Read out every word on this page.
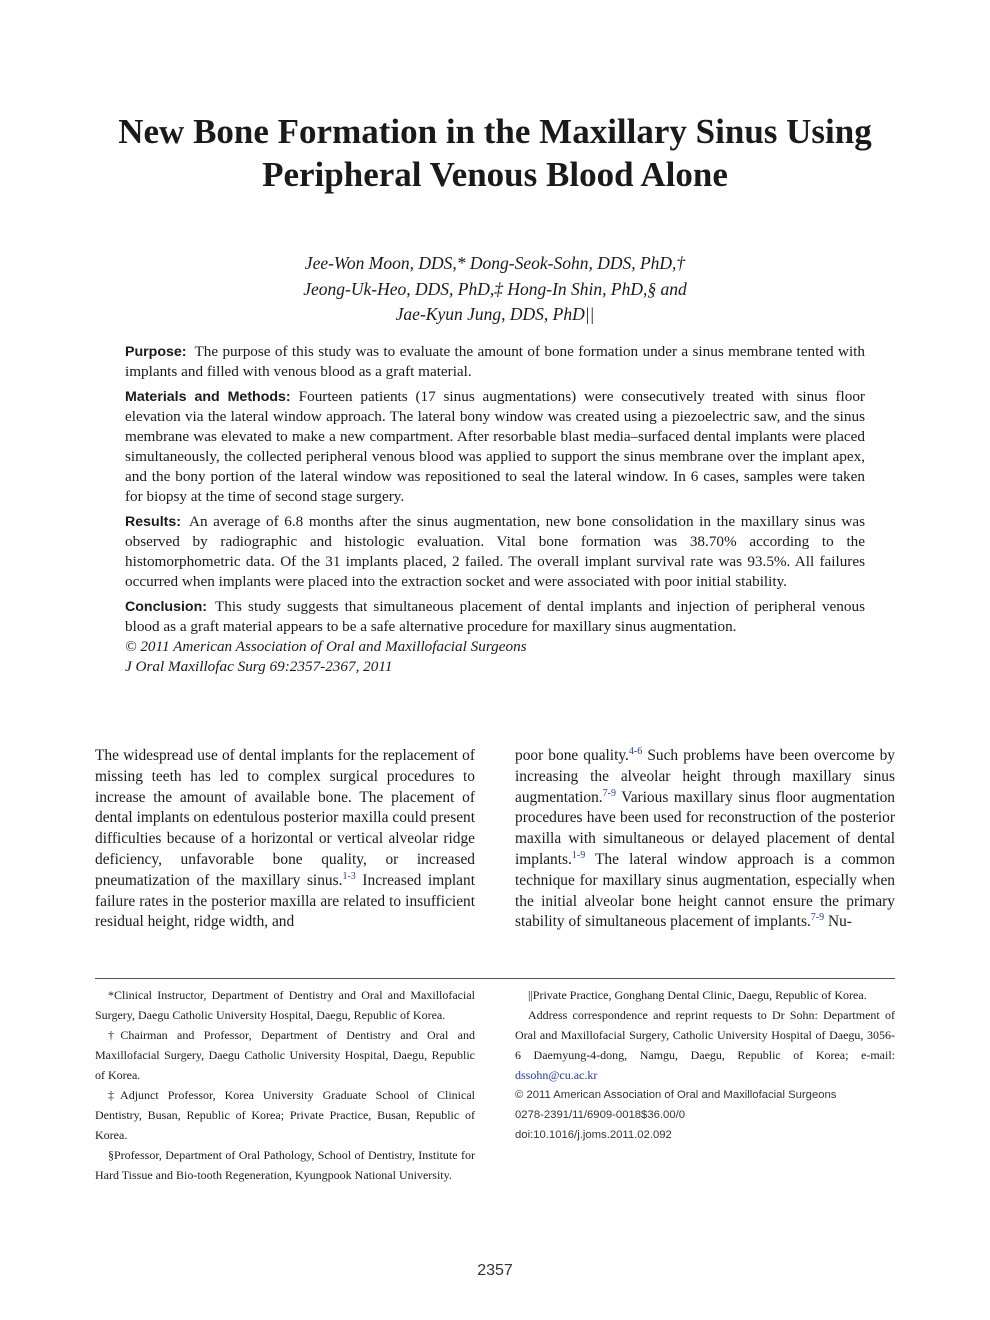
New Bone Formation in the Maxillary Sinus Using Peripheral Venous Blood Alone
Jee-Won Moon, DDS,* Dong-Seok-Sohn, DDS, PhD,†
Jeong-Uk-Heo, DDS, PhD,‡ Hong-In Shin, PhD,§ and
Jae-Kyun Jung, DDS, PhD||

Purpose: The purpose of this study was to evaluate the amount of bone formation under a sinus membrane tented with implants and filled with venous blood as a graft material.

Materials and Methods: Fourteen patients (17 sinus augmentations) were consecutively treated with sinus floor elevation via the lateral window approach. The lateral bony window was created using a piezoelectric saw, and the sinus membrane was elevated to make a new compartment. After resorbable blast media–surfaced dental implants were placed simultaneously, the collected peripheral venous blood was applied to support the sinus membrane over the implant apex, and the bony portion of the lateral window was repositioned to seal the lateral window. In 6 cases, samples were taken for biopsy at the time of second stage surgery.

Results: An average of 6.8 months after the sinus augmentation, new bone consolidation in the maxillary sinus was observed by radiographic and histologic evaluation. Vital bone formation was 38.70% according to the histomorphometric data. Of the 31 implants placed, 2 failed. The overall implant survival rate was 93.5%. All failures occurred when implants were placed into the extraction socket and were associated with poor initial stability.

Conclusion: This study suggests that simultaneous placement of dental implants and injection of peripheral venous blood as a graft material appears to be a safe alternative procedure for maxillary sinus augmentation.

© 2011 American Association of Oral and Maxillofacial Surgeons
J Oral Maxillofac Surg 69:2357-2367, 2011

The widespread use of dental implants for the replacement of missing teeth has led to complex surgical procedures to increase the amount of available bone. The placement of dental implants on edentulous posterior maxilla could present difficulties because of a horizontal or vertical alveolar ridge deficiency, unfavorable bone quality, or increased pneumatization of the maxillary sinus.$^{1-3}$ Increased implant failure rates in the posterior maxilla are related to insufficient residual height, ridge width, and

poor bone quality.$^{4-6}$ Such problems have been overcome by increasing the alveolar height through maxillary sinus augmentation.$^{7-9}$ Various maxillary sinus floor augmentation procedures have been used for reconstruction of the posterior maxilla with simultaneous or delayed placement of dental implants.$^{1-9}$ The lateral window approach is a common technique for maxillary sinus augmentation, especially when the initial alveolar bone height cannot ensure the primary stability of simultaneous placement of implants.$^{7-9}$ Nu-

*Clinical Instructor, Department of Dentistry and Oral and Maxillofacial Surgery, Daegu Catholic University Hospital, Daegu, Republic of Korea.

†Chairman and Professor, Department of Dentistry and Oral and Maxillofacial Surgery, Daegu Catholic University Hospital, Daegu, Republic of Korea.

‡Adjunct Professor, Korea University Graduate School of Clinical Dentistry, Busan, Republic of Korea; Private Practice, Busan, Republic of Korea.

§Professor, Department of Oral Pathology, School of Dentistry, Institute for Hard Tissue and Bio-tooth Regeneration, Kyungpook National University.

||Private Practice, Gonghang Dental Clinic, Daegu, Republic of Korea.

Address correspondence and reprint requests to Dr Sohn: Department of Oral and Maxillofacial Surgery, Catholic University Hospital of Daegu, 3056-6 Daemyung-4-dong, Namgu, Daegu, Republic of Korea; e-mail: dssohn@cu.ac.kr

© 2011 American Association of Oral and Maxillofacial Surgeons

0278-2391/11/6909-0018$36.00/0

doi:10.1016/j.joms.2011.02.092

2357
